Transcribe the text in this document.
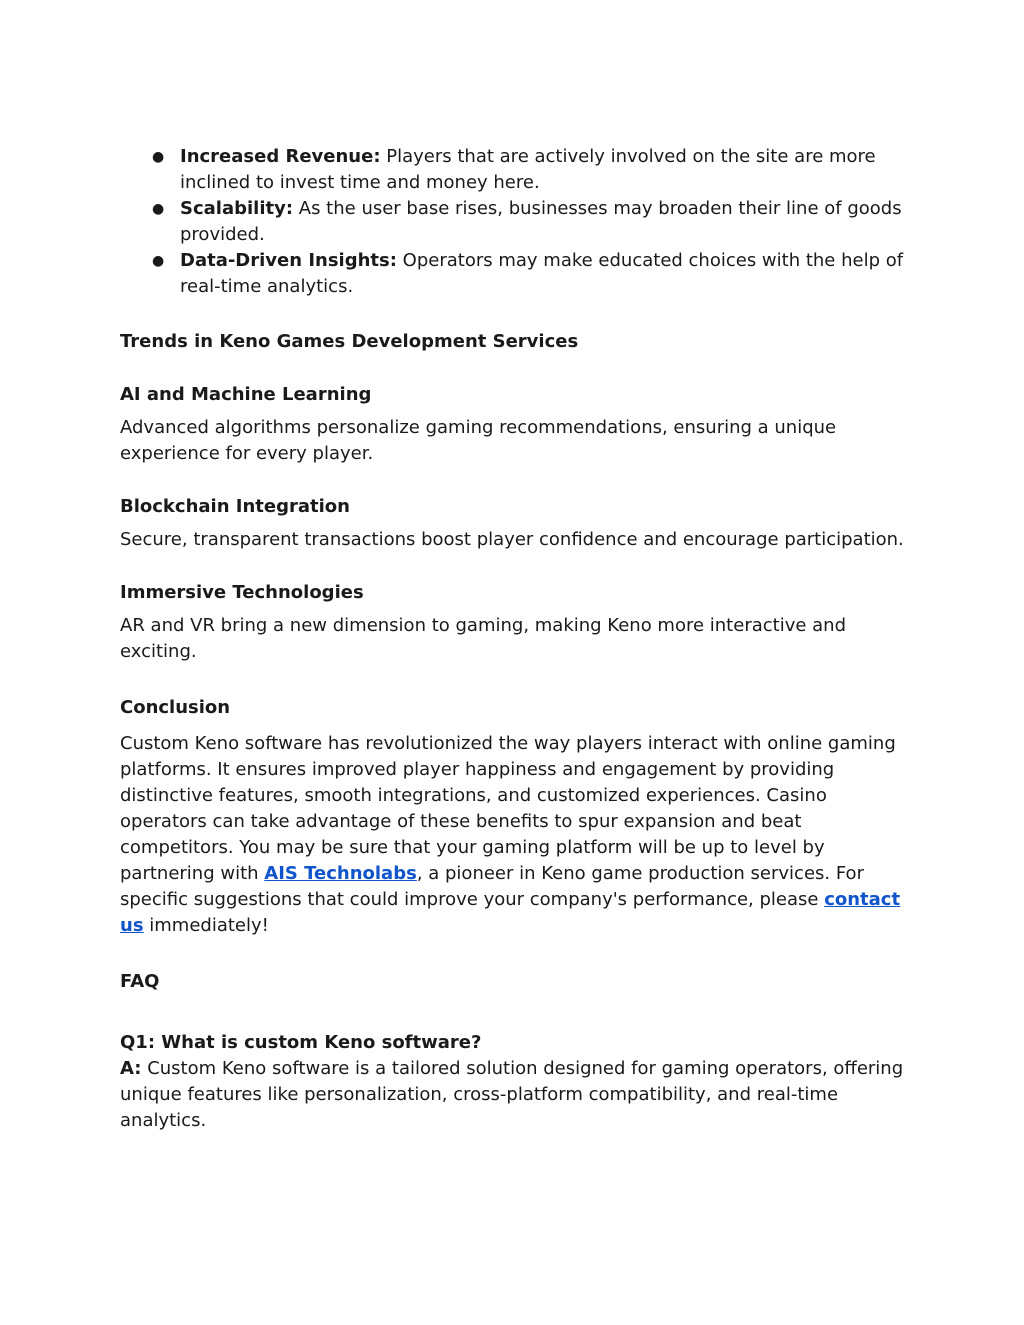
● Increased Revenue: Players that are actively involved on the site are more inclined to invest time and money here.
● Scalability: As the user base rises, businesses may broaden their line of goods provided.
● Data-Driven Insights: Operators may make educated choices with the help of real-time analytics.
Trends in Keno Games Development Services
AI and Machine Learning

Advanced algorithms personalize gaming recommendations, ensuring a unique experience for every player.

Blockchain Integration

Secure, transparent transactions boost player confidence and encourage participation.

Immersive Technologies

AR and VR bring a new dimension to gaming, making Keno more interactive and exciting.

Conclusion

Custom Keno software has revolutionized the way players interact with online gaming platforms. It ensures improved player happiness and engagement by providing distinctive features, smooth integrations, and customized experiences. Casino operators can take advantage of these benefits to spur expansion and beat competitors. You may be sure that your gaming platform will be up to level by partnering with AIS Technolabs, a pioneer in Keno game production services. For specific suggestions that could improve your company's performance, please contact us immediately!

FAQ
Q1: What is custom Keno software?

A: Custom Keno software is a tailored solution designed for gaming operators, offering unique features like personalization, cross-platform compatibility, and real-time analytics.
